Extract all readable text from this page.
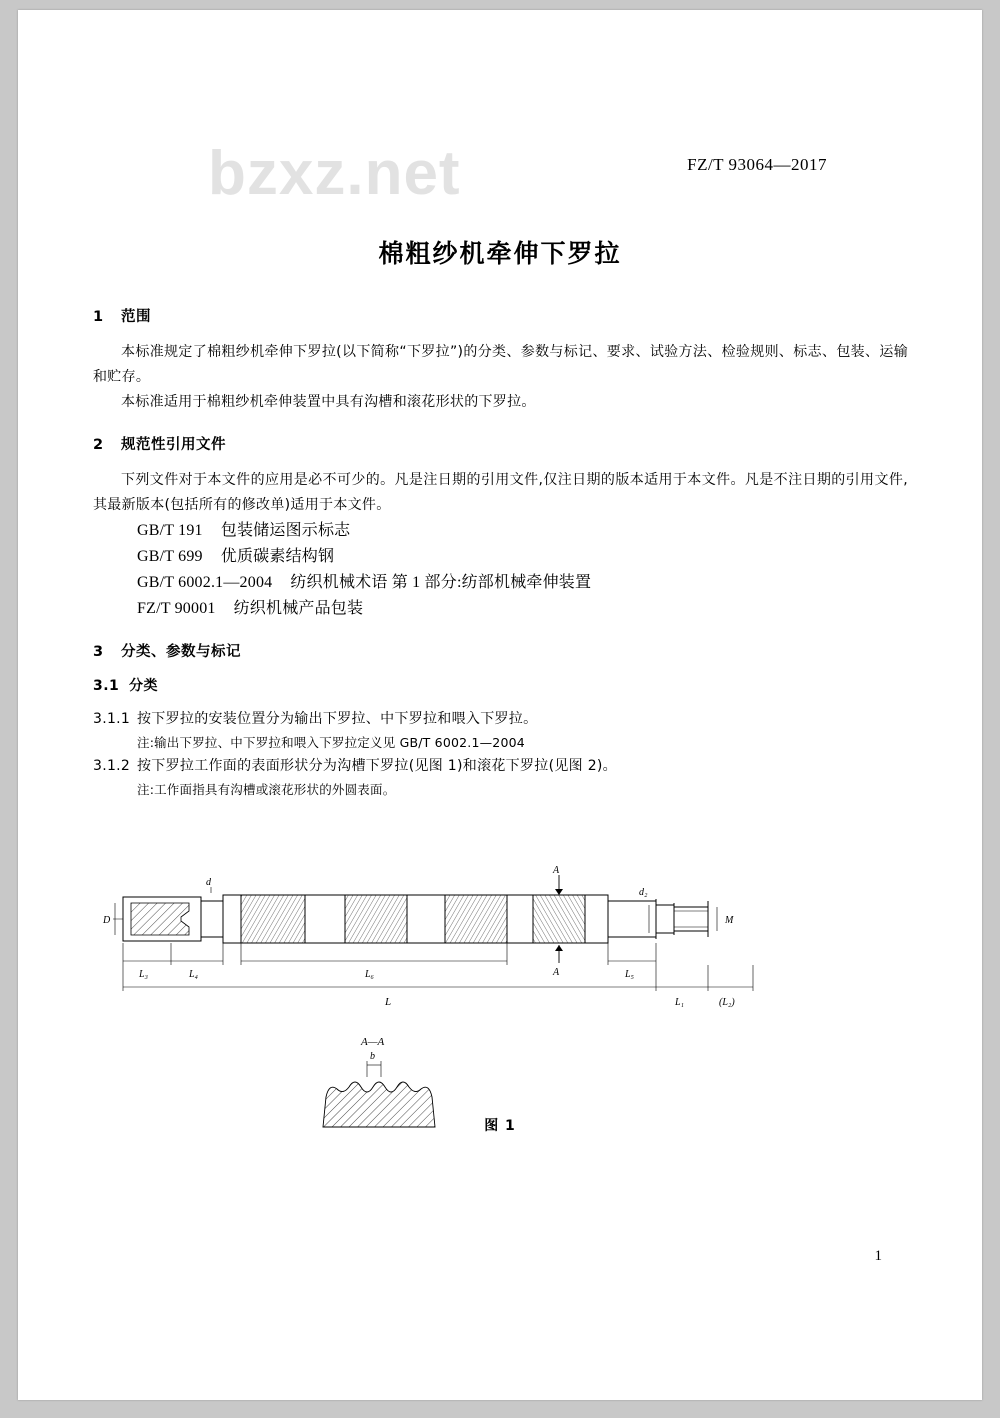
bzxz.net	FZ/T 93064—2017
棉粗纱机牵伸下罗拉
1 范围

本标准规定了棉粗纱机牵伸下罗拉(以下简称“下罗拉”)的分类、参数与标记、要求、试验方法、检验规则、标志、包装、运输和贮存。

本标准适用于棉粗纱机牵伸装置中具有沟槽和滚花形状的下罗拉。

2 规范性引用文件

下列文件对于本文件的应用是必不可少的。凡是注日期的引用文件,仅注日期的版本适用于本文件。凡是不注日期的引用文件,其最新版本(包括所有的修改单)适用于本文件。

GB/T 191 包装储运图示标志
GB/T 699 优质碳素结构钢
GB/T 6002.1—2004 纺织机械术语 第 1 部分:纺部机械牵伸装置
FZ/T 90001 纺织机械产品包装
3 分类、参数与标记
3.1 分类

3.1.1 按下罗拉的安装位置分为输出下罗拉、中下罗拉和喂入下罗拉。

注:输出下罗拉、中下罗拉和喂入下罗拉定义见 GB/T 6002.1—2004

3.1.2 按下罗拉工作面的表面形状分为沟槽下罗拉(见图 1)和滚花下罗拉(见图 2)。

注:工作面指具有沟槽或滚花形状的外圆表面。

A
A
D
d
d₂
M
L₃	L₄	L₆	L₅
L	L₁	(L₂)
A—A
b
图 1
1
